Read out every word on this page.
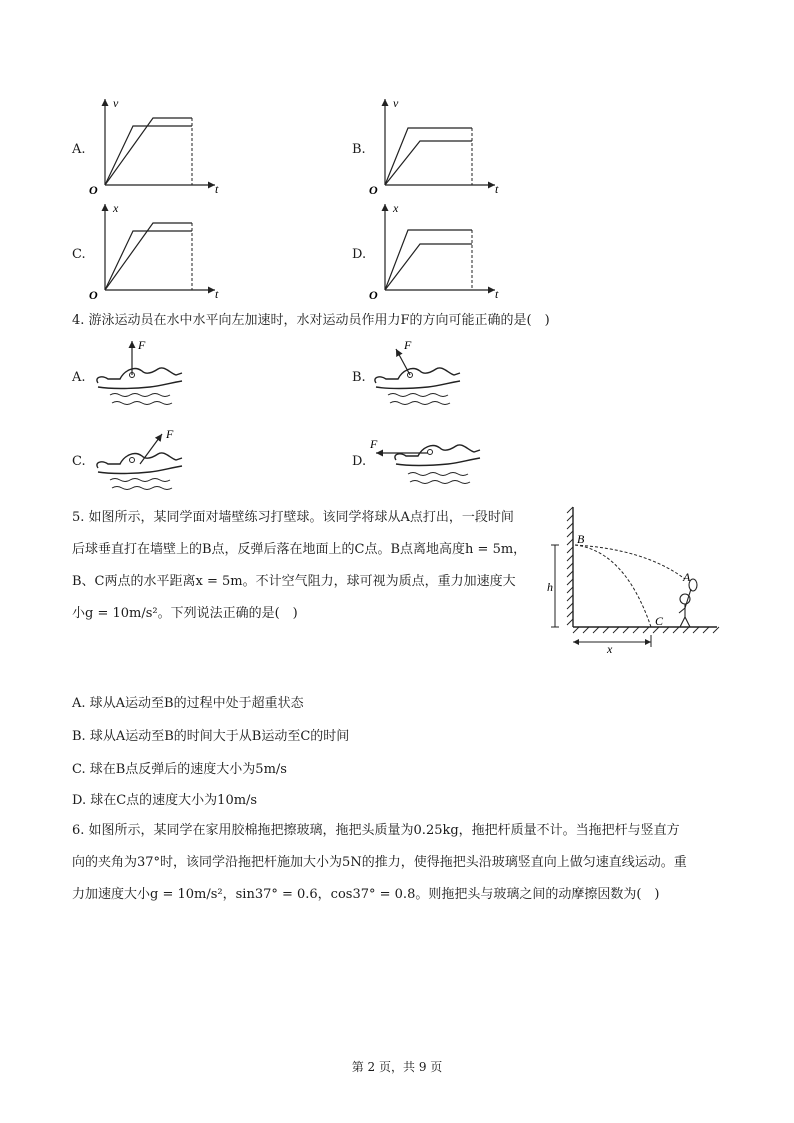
A.
v
t
O
B.
v
t
O
C.
x
t
O
D.
x
t
O
4. 游泳运动员在水中水平向左加速时，水对运动员作用力F的方向可能正确的是(　)
A.
F
B.
F
C.
F
D.
F
5. 如图所示，某同学面对墙壁练习打壁球。该同学将球从A点打出，一段时间
后球垂直打在墙壁上的B点，反弹后落在地面上的C点。B点离地高度h = 5m，
B、C两点的水平距离x = 5m。不计空气阻力，球可视为质点，重力加速度大
小g = 10m/s²。下列说法正确的是(　)
B
A
C
h
x
A. 球从A运动至B的过程中处于超重状态
B. 球从A运动至B的时间大于从B运动至C的时间
C. 球在B点反弹后的速度大小为5m/s
D. 球在C点的速度大小为10m/s
6. 如图所示，某同学在家用胶棉拖把擦玻璃，拖把头质量为0.25kg，拖把杆质量不计。当拖把杆与竖直方
向的夹角为37°时，该同学沿拖把杆施加大小为5N的推力，使得拖把头沿玻璃竖直向上做匀速直线运动。重
力加速度大小g = 10m/s²，sin37° = 0.6，cos37° = 0.8。则拖把头与玻璃之间的动摩擦因数为(　)
第 2 页，共 9 页
